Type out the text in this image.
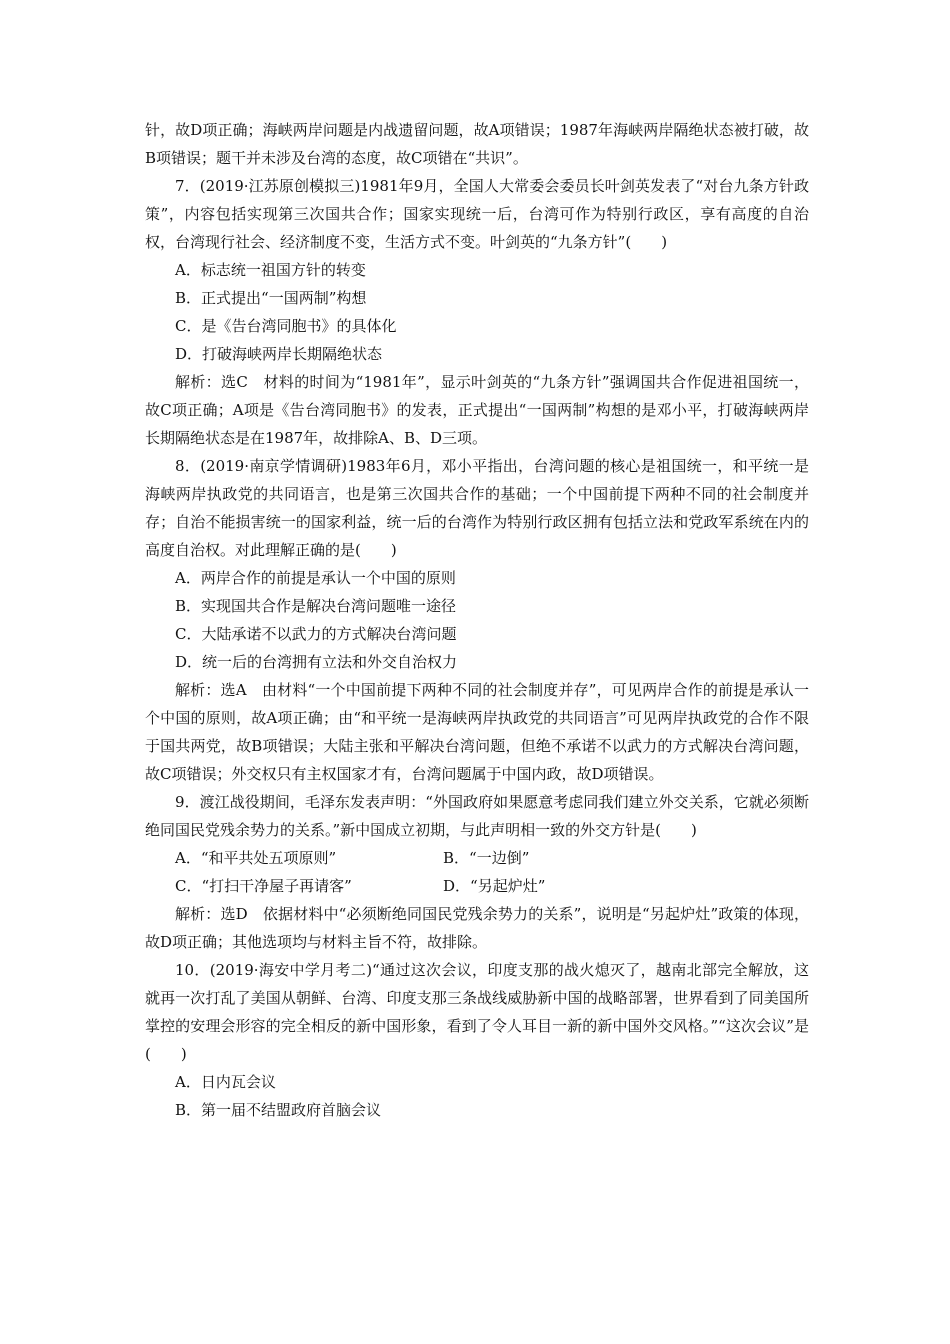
针，故D项正确；海峡两岸问题是内战遗留问题，故A项错误；1987年海峡两岸隔绝状态被打破，故B项错误；题干并未涉及台湾的态度，故C项错在“共识”。

7．(2019·江苏原创模拟三)1981年9月，全国人大常委会委员长叶剑英发表了“对台九条方针政策”，内容包括实现第三次国共合作；国家实现统一后，台湾可作为特别行政区，享有高度的自治权，台湾现行社会、经济制度不变，生活方式不变。叶剑英的“九条方针”(　　)

A．标志统一祖国方针的转变

B．正式提出“一国两制”构想

C．是《告台湾同胞书》的具体化

D．打破海峡两岸长期隔绝状态

解析：选C　材料的时间为“1981年”，显示叶剑英的“九条方针”强调国共合作促进祖国统一，故C项正确；A项是《告台湾同胞书》的发表，正式提出“一国两制”构想的是邓小平，打破海峡两岸长期隔绝状态是在1987年，故排除A、B、D三项。

8．(2019·南京学情调研)1983年6月，邓小平指出，台湾问题的核心是祖国统一，和平统一是海峡两岸执政党的共同语言，也是第三次国共合作的基础；一个中国前提下两种不同的社会制度并存；自治不能损害统一的国家利益，统一后的台湾作为特别行政区拥有包括立法和党政军系统在内的高度自治权。对此理解正确的是(　　)

A．两岸合作的前提是承认一个中国的原则

B．实现国共合作是解决台湾问题唯一途径

C．大陆承诺不以武力的方式解决台湾问题

D．统一后的台湾拥有立法和外交自治权力

解析：选A　由材料“一个中国前提下两种不同的社会制度并存”，可见两岸合作的前提是承认一个中国的原则，故A项正确；由“和平统一是海峡两岸执政党的共同语言”可见两岸执政党的合作不限于国共两党，故B项错误；大陆主张和平解决台湾问题，但绝不承诺不以武力的方式解决台湾问题，故C项错误；外交权只有主权国家才有，台湾问题属于中国内政，故D项错误。

9．渡江战役期间，毛泽东发表声明：“外国政府如果愿意考虑同我们建立外交关系，它就必须断绝同国民党残余势力的关系。”新中国成立初期，与此声明相一致的外交方针是(　　)

A．“和平共处五项原则”	B．“一边倒”
C．“打扫干净屋子再请客”	D．“另起炉灶”

解析：选D　依据材料中“必须断绝同国民党残余势力的关系”，说明是“另起炉灶”政策的体现，故D项正确；其他选项均与材料主旨不符，故排除。

10．(2019·海安中学月考二)“通过这次会议，印度支那的战火熄灭了，越南北部完全解放，这就再一次打乱了美国从朝鲜、台湾、印度支那三条战线威胁新中国的战略部署，世界看到了同美国所掌控的安理会形容的完全相反的新中国形象，看到了令人耳目一新的新中国外交风格。”“这次会议”是(　　)

A．日内瓦会议

B．第一届不结盟政府首脑会议
